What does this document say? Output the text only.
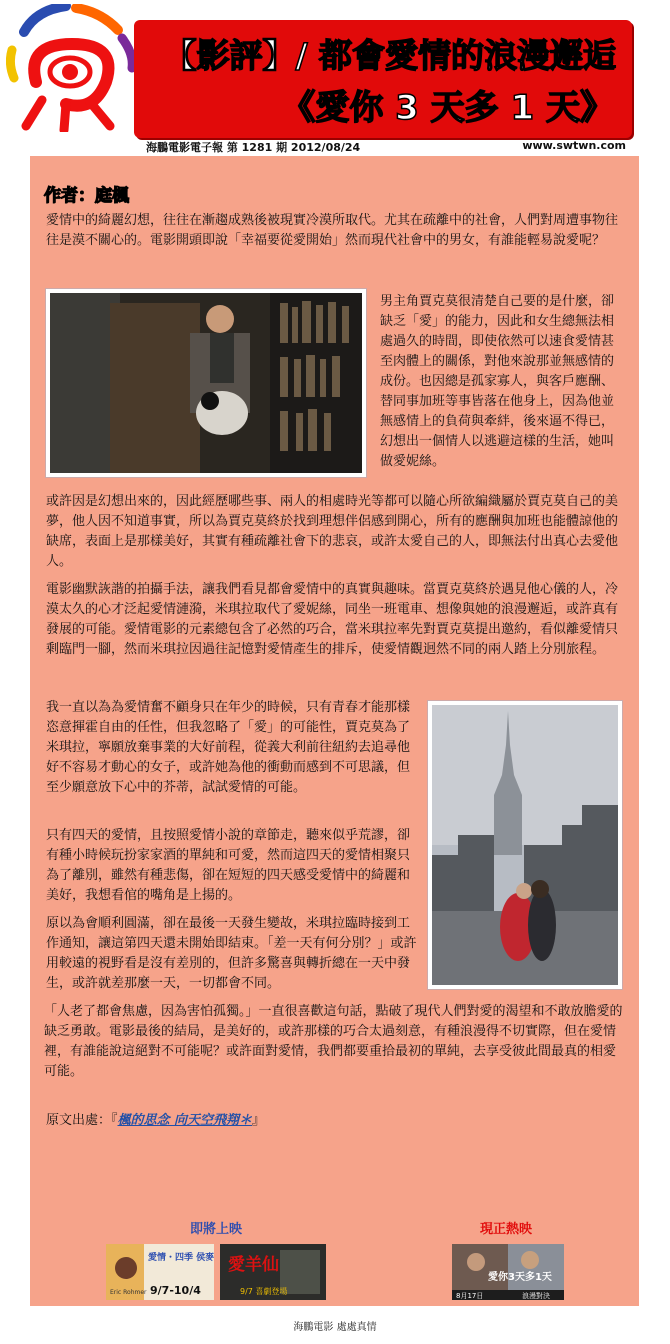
【影評】/ 都會愛情的浪漫邂逅
《愛你 3 天多 1 天》
海鵬電影電子報 第 1281 期 2012/08/24	www.swtwn.com
作者：庭楓

愛情中的綺麗幻想，往往在漸趨成熟後被現實冷漠所取代。尤其在疏離中的社會，人們對周遭事物往往是漠不關心的。電影開頭即說「幸福要從愛開始」然而現代社會中的男女，有誰能輕易說愛呢？

男主角賈克莫很清楚自己要的是什麼，卻缺乏「愛」的能力，因此和女生總無法相處過久的時間，即使依然可以速食愛情甚至肉體上的關係，對他來說那並無感情的成份。也因總是孤家寡人，與客戶應酬、替同事加班等事皆落在他身上，因為他並無感情上的負荷與牽絆，後來逼不得已，幻想出一個情人以逃避這樣的生活，她叫做愛妮絲。

或許因是幻想出來的，因此經歷哪些事、兩人的相處時光等都可以隨心所欲編織屬於賈克莫自己的美夢，他人因不知道事實，所以為賈克莫終於找到理想伴侶感到開心，所有的應酬與加班也能體諒他的缺席，表面上是那樣美好，其實有種疏離社會下的悲哀，或許太愛自己的人，即無法付出真心去愛他人。

電影幽默詼諧的拍攝手法，讓我們看見都會愛情中的真實與趣味。當賈克莫終於遇見他心儀的人，冷漠太久的心才泛起愛情漣漪，米琪拉取代了愛妮絲，同坐一班電車、想像與她的浪漫邂逅，或許真有發展的可能。愛情電影的元素總包含了必然的巧合，當米琪拉率先對賈克莫提出邀約，看似離愛情只剩臨門一腳，然而米琪拉因過往記憶對愛情產生的排斥，使愛情觀迥然不同的兩人踏上分別旅程。

我一直以為為愛情奮不顧身只在年少的時候，只有青春才能那樣恣意揮霍自由的任性，但我忽略了「愛」的可能性，賈克莫為了米琪拉，寧願放棄事業的大好前程，從義大利前往紐約去追尋他好不容易才動心的女子，或許她為他的衝動而感到不可思議，但至少願意放下心中的芥蒂，試試愛情的可能。

只有四天的愛情，且按照愛情小說的章節走，聽來似乎荒謬，卻有種小時候玩扮家家酒的單純和可愛，然而這四天的愛情相聚只為了離別，雖然有種悲傷，卻在短短的四天感受愛情中的綺麗和美好，我想看倌的嘴角是上揚的。

原以為會順利圓滿，卻在最後一天發生變故，米琪拉臨時接到工作通知，讓這第四天還未開始即結束。「差一天有何分別？」或許用較遠的視野看是沒有差別的，但許多驚喜與轉折總在一天中發生，或許就差那麼一天，一切都會不同。

「人老了都會焦慮，因為害怕孤獨。」一直很喜歡這句話，點破了現代人們對愛的渴望和不敢放膽愛的缺乏勇敢。電影最後的結局，是美好的，或許那樣的巧合太過刻意，有種浪漫得不切實際，但在愛情裡，有誰能說這絕對不可能呢？或許面對愛情，我們都要重拾最初的單純，去享受彼此間最真的相愛可能。

原文出處：『楓的思念 向天空飛翔＊』
即將上映	現正熱映
愛情・四季 侯麥
Eric Rohmer 9/7-10/4
愛羊仙
9/7 喜劇登場
愛你3天多1天
8月17日	浪漫對決
海鵬電影 處處真情
